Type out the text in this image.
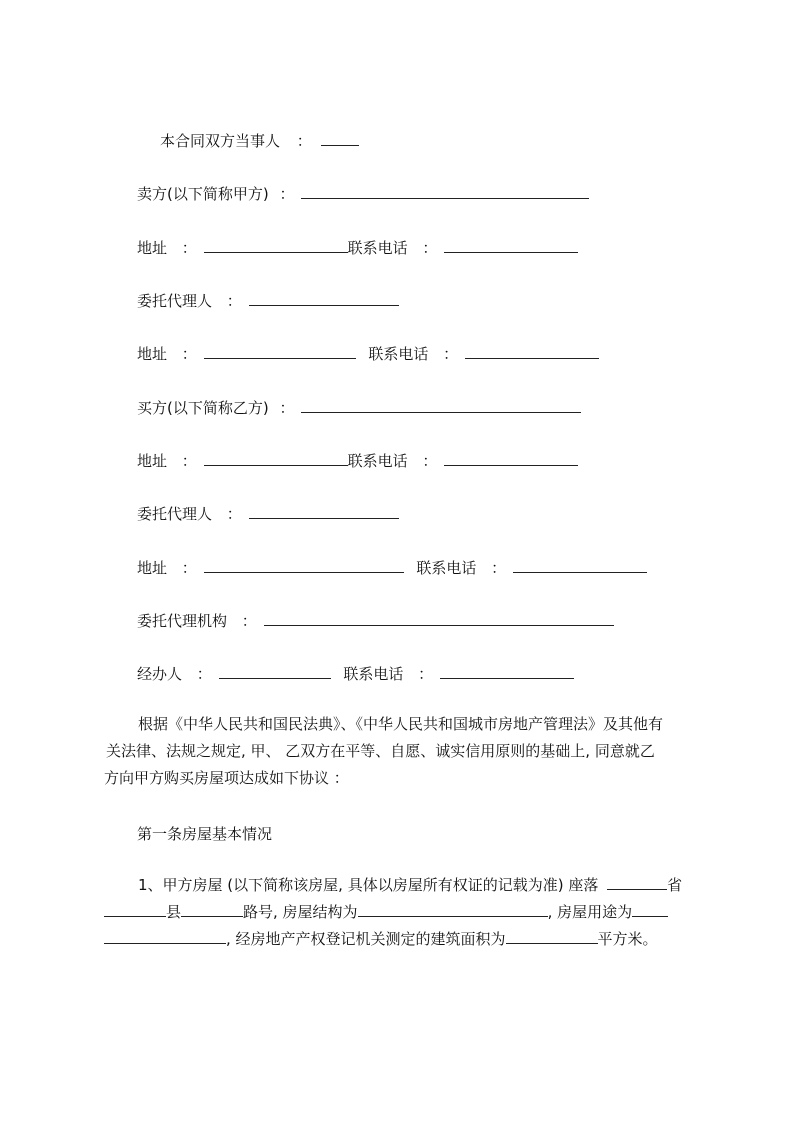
本合同双方当事人 ：
卖方(以下简称甲方) ：
地址 ：	联系电话 ：
委托代理人 ：
地址 ：	联系电话 ：
买方(以下简称乙方) ：
地址 ：	联系电话 ：
委托代理人 ：
地址 ：	联系电话 ：
委托代理机构 ：
经办人 ：	联系电话 ：

根据《中华人民共和国民法典》、《中华人民共和国城市房地产管理法》及其他有

关法律、法规之规定, 甲、 乙双方在平等、自愿、诚实信用原则的基础上, 同意就乙

方向甲方购买房屋项达成如下协议 ：

第一条房屋基本情况

1、甲方房屋 (以下简称该房屋, 具体以房屋所有权证的记载为准) 座落	省

县	路号, 房屋结构为	, 房屋用途为

, 经房地产产权登记机关测定的建筑面积为	平方米。
